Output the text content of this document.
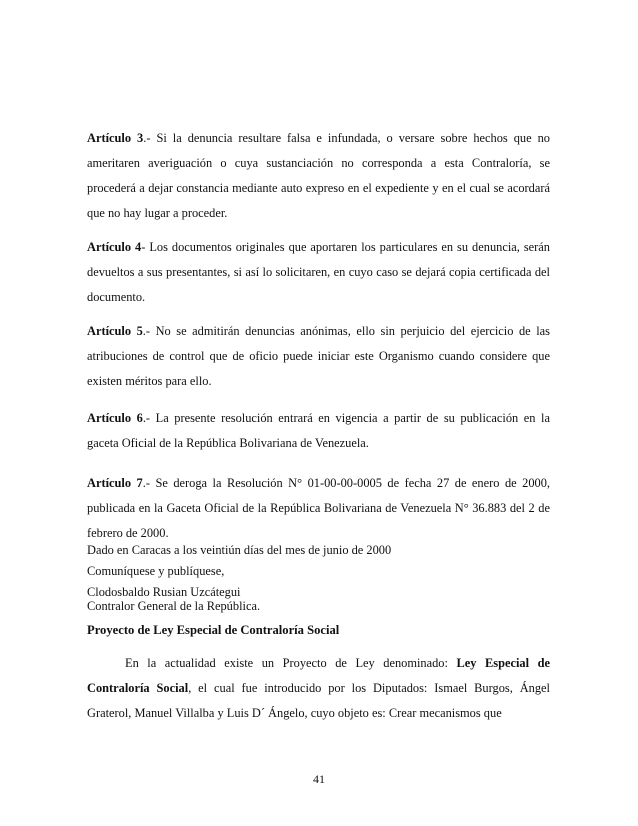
Artículo 3.- Si la denuncia resultare falsa e infundada, o versare sobre hechos que no ameritaren averiguación o cuya sustanciación no corresponda a esta Contraloría, se procederá a dejar constancia mediante auto expreso en el expediente y en el cual se acordará que no hay lugar a proceder.

Artículo 4- Los documentos originales que aportaren los particulares en su denuncia, serán devueltos a sus presentantes, si así lo solicitaren, en cuyo caso se dejará copia certificada del documento.

Artículo 5.- No se admitirán denuncias anónimas, ello sin perjuicio del ejercicio de las atribuciones de control que de oficio puede iniciar este Organismo cuando considere que existen méritos para ello.

Artículo 6.- La presente resolución entrará en vigencia a partir de su publicación en la gaceta Oficial de la República Bolivariana de Venezuela.

Artículo 7.- Se deroga la Resolución N° 01-00-00-0005 de fecha 27 de enero de 2000, publicada en la Gaceta Oficial de la República Bolivariana de Venezuela N° 36.883 del 2 de febrero de 2000.

Dado en Caracas a los veintiún días del mes de junio de 2000
Comuníquese y publíquese,
Clodosbaldo Rusian Uzcátegui
Contralor General de la República.
Proyecto de Ley Especial de Contraloría Social

En la actualidad existe un Proyecto de Ley denominado: Ley Especial de Contraloría Social, el cual fue introducido por los Diputados: Ismael Burgos, Ángel Graterol, Manuel Villalba y Luis D´ Ángelo, cuyo objeto es: Crear mecanismos que

41
